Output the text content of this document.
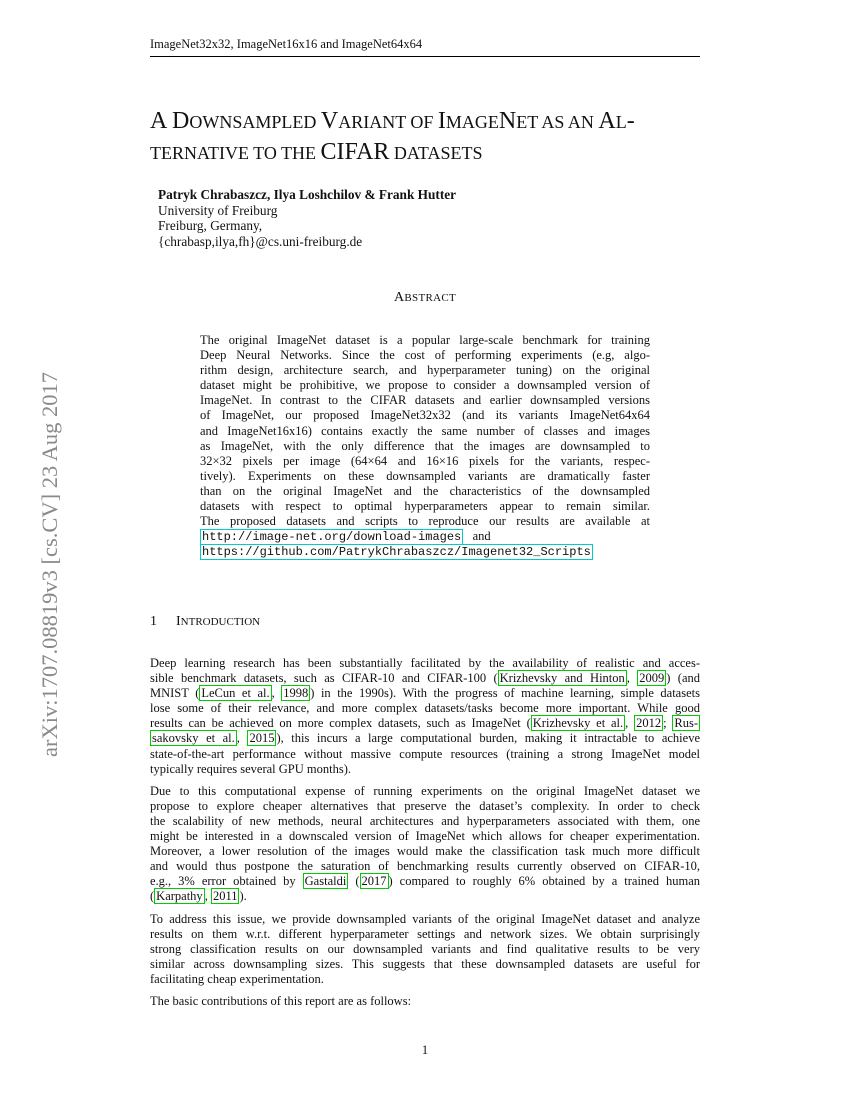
ImageNet32x32, ImageNet16x16 and ImageNet64x64
arXiv:1707.08819v3 [cs.CV] 23 Aug 2017
A DOWNSAMPLED VARIANT OF IMAGENET AS AN AL-
TERNATIVE TO THE CIFAR DATASETS
Patryk Chrabaszcz, Ilya Loshchilov & Frank Hutter
University of Freiburg
Freiburg, Germany,
{chrabasp,ilya,fh}@cs.uni-freiburg.de
ABSTRACT
The original ImageNet dataset is a popular large-scale benchmark for training
Deep Neural Networks. Since the cost of performing experiments (e.g, algo-
rithm design, architecture search, and hyperparameter tuning) on the original
dataset might be prohibitive, we propose to consider a downsampled version of
ImageNet. In contrast to the CIFAR datasets and earlier downsampled versions
of ImageNet, our proposed ImageNet32x32 (and its variants ImageNet64x64
and ImageNet16x16) contains exactly the same number of classes and images
as ImageNet, with the only difference that the images are downsampled to
32×32 pixels per image (64×64 and 16×16 pixels for the variants, respec-
tively). Experiments on these downsampled variants are dramatically faster
than on the original ImageNet and the characteristics of the downsampled
datasets with respect to optimal hyperparameters appear to remain similar.
The proposed datasets and scripts to reproduce our results are available at
http://image-net.org/download-images and
https://github.com/PatrykChrabaszcz/Imagenet32_Scripts
1 INTRODUCTION

Deep learning research has been substantially facilitated by the availability of realistic and acces-
sible benchmark datasets, such as CIFAR-10 and CIFAR-100 ( Krizhevsky and Hinton , 2009 ) (and
MNIST ( LeCun et al. , 1998 ) in the 1990s). With the progress of machine learning, simple datasets
lose some of their relevance, and more complex datasets/tasks become more important. While good
results can be achieved on more complex datasets, such as ImageNet ( Krizhevsky et al. , 2012 ; Rus-
sakovsky et al. , 2015 ), this incurs a large computational burden, making it intractable to achieve
state-of-the-art performance without massive compute resources (training a strong ImageNet model
typically requires several GPU months).

Due to this computational expense of running experiments on the original ImageNet dataset we
propose to explore cheaper alternatives that preserve the dataset’s complexity. In order to check
the scalability of new methods, neural architectures and hyperparameters associated with them, one
might be interested in a downscaled version of ImageNet which allows for cheaper experimentation.
Moreover, a lower resolution of the images would make the classification task much more difficult
and would thus postpone the saturation of benchmarking results currently observed on CIFAR-10,
e.g., 3% error obtained by Gastaldi ( 2017 ) compared to roughly 6% obtained by a trained human
( Karpathy , 2011 ).

To address this issue, we provide downsampled variants of the original ImageNet dataset and analyze
results on them w.r.t. different hyperparameter settings and network sizes. We obtain surprisingly
strong classification results on our downsampled variants and find qualitative results to be very
similar across downsampling sizes. This suggests that these downsampled datasets are useful for
facilitating cheap experimentation.

The basic contributions of this report are as follows:

1
